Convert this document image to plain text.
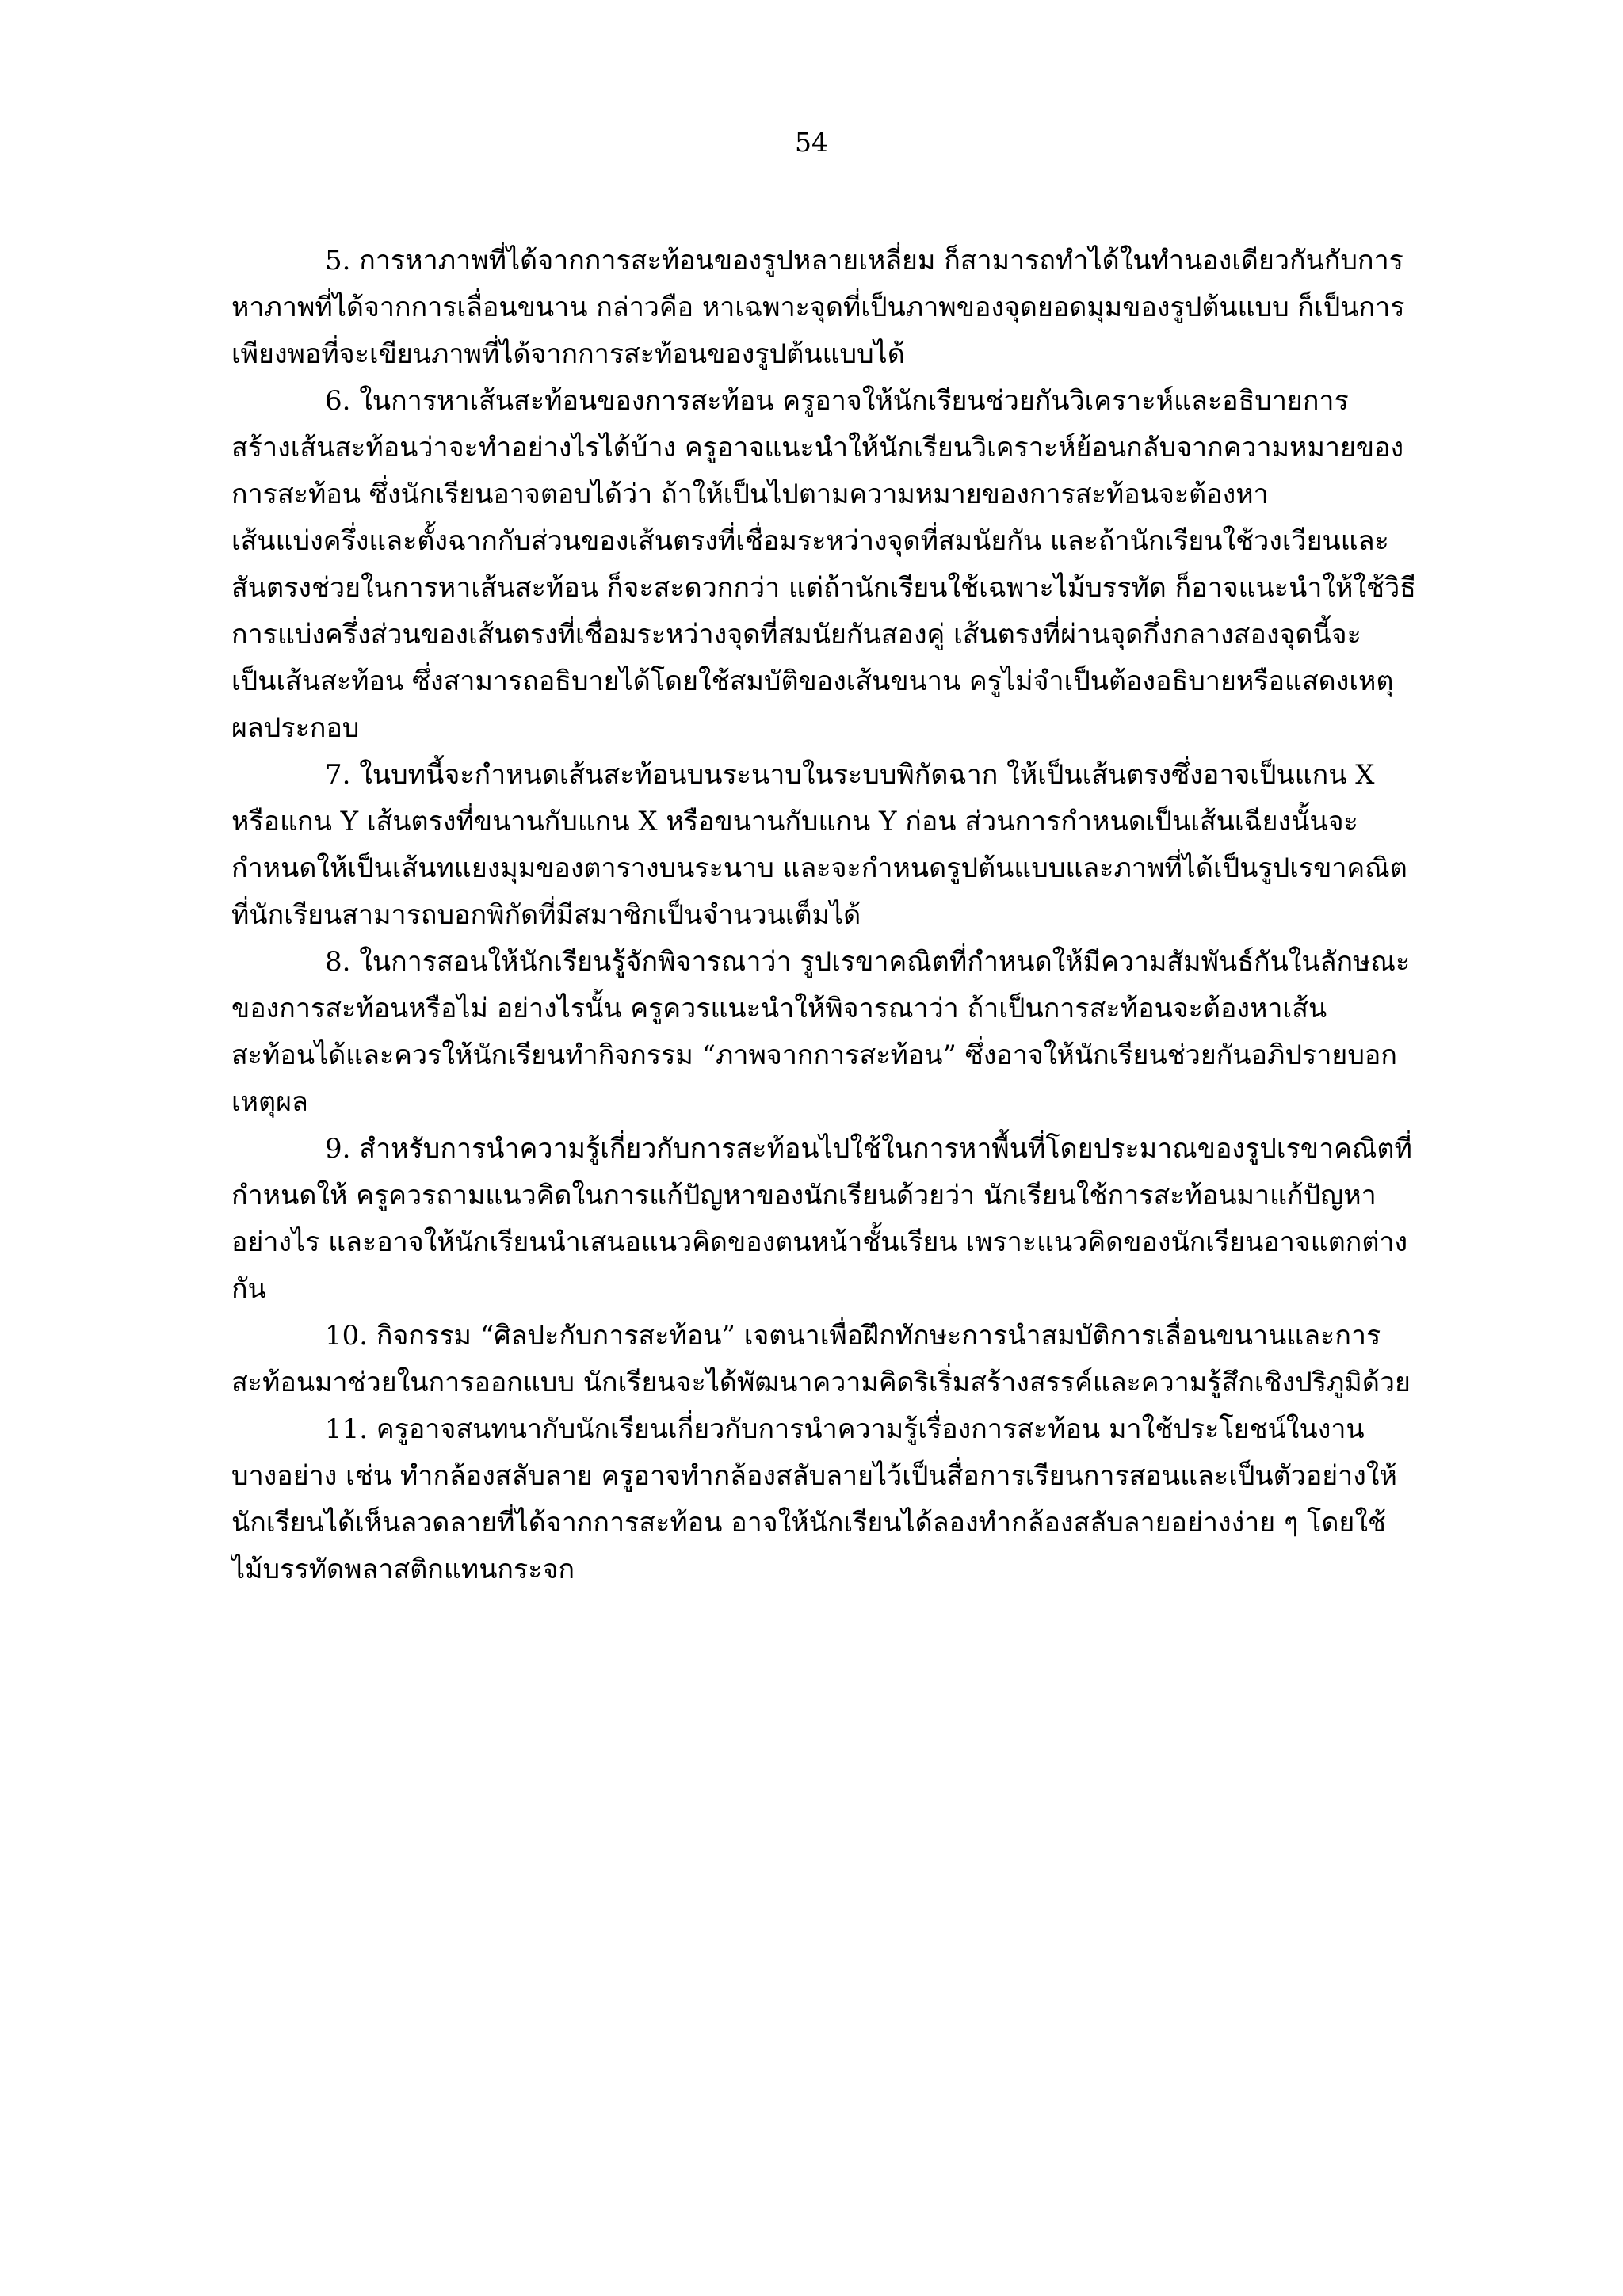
54
5. การหาภาพที่ได้จากการสะท้อนของรูปหลายเหลี่ยม ก็สามารถทำได้ในทำนองเดียวกันกับการ
หาภาพที่ได้จากการเลื่อนขนาน กล่าวคือ หาเฉพาะจุดที่เป็นภาพของจุดยอดมุมของรูปต้นแบบ ก็เป็นการ
เพียงพอที่จะเขียนภาพที่ได้จากการสะท้อนของรูปต้นแบบได้
6. ในการหาเส้นสะท้อนของการสะท้อน ครูอาจให้นักเรียนช่วยกันวิเคราะห์และอธิบายการ
สร้างเส้นสะท้อนว่าจะทำอย่างไรได้บ้าง ครูอาจแนะนำให้นักเรียนวิเคราะห์ย้อนกลับจากความหมายของ
การสะท้อน ซึ่งนักเรียนอาจตอบได้ว่า ถ้าให้เป็นไปตามความหมายของการสะท้อนจะต้องหา
เส้นแบ่งครึ่งและตั้งฉากกับส่วนของเส้นตรงที่เชื่อมระหว่างจุดที่สมนัยกัน และถ้านักเรียนใช้วงเวียนและ
สันตรงช่วยในการหาเส้นสะท้อน ก็จะสะดวกกว่า แต่ถ้านักเรียนใช้เฉพาะไม้บรรทัด ก็อาจแนะนำให้ใช้วิธี
การแบ่งครึ่งส่วนของเส้นตรงที่เชื่อมระหว่างจุดที่สมนัยกันสองคู่ เส้นตรงที่ผ่านจุดกึ่งกลางสองจุดนี้จะ
เป็นเส้นสะท้อน ซึ่งสามารถอธิบายได้โดยใช้สมบัติของเส้นขนาน ครูไม่จำเป็นต้องอธิบายหรือแสดงเหตุ
ผลประกอบ
7. ในบทนี้จะกำหนดเส้นสะท้อนบนระนาบในระบบพิกัดฉาก ให้เป็นเส้นตรงซึ่งอาจเป็นแกน X
หรือแกน Y เส้นตรงที่ขนานกับแกน X หรือขนานกับแกน Y ก่อน ส่วนการกำหนดเป็นเส้นเฉียงนั้นจะ
กำหนดให้เป็นเส้นทแยงมุมของตารางบนระนาบ และจะกำหนดรูปต้นแบบและภาพที่ได้เป็นรูปเรขาคณิต
ที่นักเรียนสามารถบอกพิกัดที่มีสมาชิกเป็นจำนวนเต็มได้
8. ในการสอนให้นักเรียนรู้จักพิจารณาว่า รูปเรขาคณิตที่กำหนดให้มีความสัมพันธ์กันในลักษณะ
ของการสะท้อนหรือไม่ อย่างไรนั้น ครูควรแนะนำให้พิจารณาว่า ถ้าเป็นการสะท้อนจะต้องหาเส้น
สะท้อนได้และควรให้นักเรียนทำกิจกรรม “ภาพจากการสะท้อน” ซึ่งอาจให้นักเรียนช่วยกันอภิปรายบอก
เหตุผล
9. สำหรับการนำความรู้เกี่ยวกับการสะท้อนไปใช้ในการหาพื้นที่โดยประมาณของรูปเรขาคณิตที่
กำหนดให้ ครูควรถามแนวคิดในการแก้ปัญหาของนักเรียนด้วยว่า นักเรียนใช้การสะท้อนมาแก้ปัญหา
อย่างไร และอาจให้นักเรียนนำเสนอแนวคิดของตนหน้าชั้นเรียน เพราะแนวคิดของนักเรียนอาจแตกต่าง
กัน
10. กิจกรรม “ศิลปะกับการสะท้อน” เจตนาเพื่อฝึกทักษะการนำสมบัติการเลื่อนขนานและการ
สะท้อนมาช่วยในการออกแบบ นักเรียนจะได้พัฒนาความคิดริเริ่มสร้างสรรค์และความรู้สึกเชิงปริภูมิด้วย
11. ครูอาจสนทนากับนักเรียนเกี่ยวกับการนำความรู้เรื่องการสะท้อน มาใช้ประโยชน์ในงาน
บางอย่าง เช่น ทำกล้องสลับลาย ครูอาจทำกล้องสลับลายไว้เป็นสื่อการเรียนการสอนและเป็นตัวอย่างให้
นักเรียนได้เห็นลวดลายที่ได้จากการสะท้อน อาจให้นักเรียนได้ลองทำกล้องสลับลายอย่างง่าย ๆ โดยใช้
ไม้บรรทัดพลาสติกแทนกระจก
